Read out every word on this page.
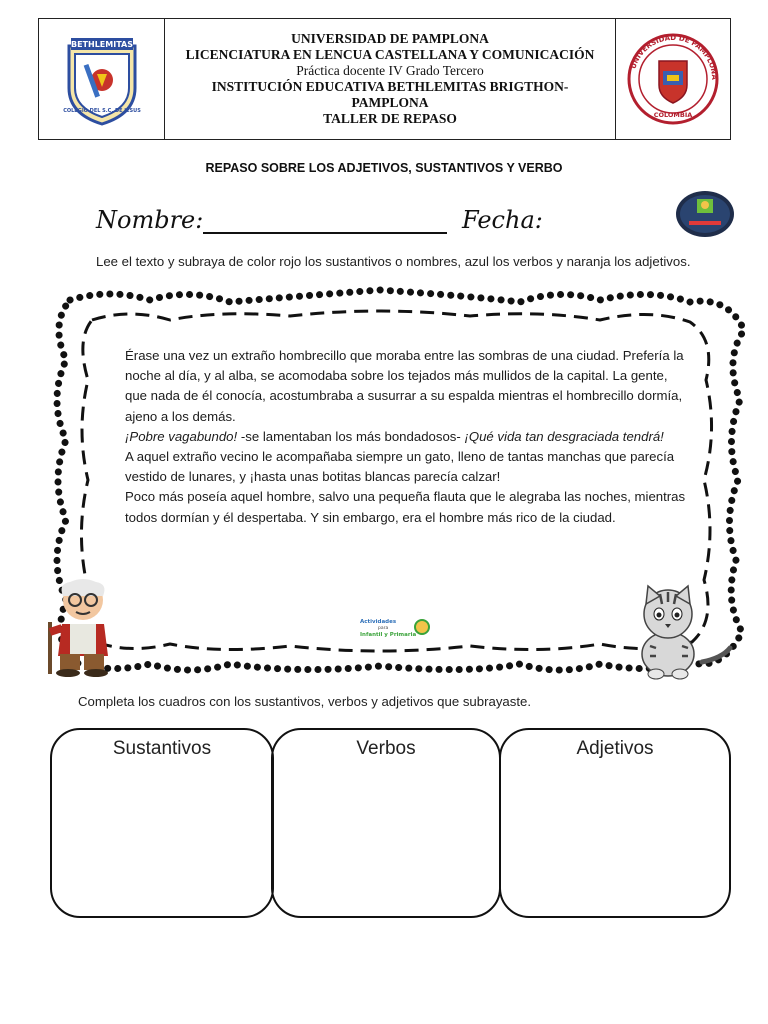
BETHLEMITAS
COLEGIO DEL S.C. DE JESUS
UNIVERSIDAD DE PAMPLONA
LICENCIATURA EN LENCUA CASTELLANA Y COMUNICACIÓN
Práctica docente IV Grado Tercero
INSTITUCIÓN EDUCATIVA BETHLEMITAS BRIGTHON-
PAMPLONA
TALLER DE REPASO
UNIVERSIDAD DE PAMPLONA
COLOMBIA
REPASO SOBRE LOS ADJETIVOS, SUSTANTIVOS Y VERBO
Nombre:	Fecha:
Lee el texto y subraya de color rojo los sustantivos o nombres, azul los verbos y naranja los adjetivos.
Érase una vez un extraño hombrecillo que moraba entre las sombras de una ciudad. Prefería la noche al día, y al alba, se acomodaba sobre los tejados más mullidos de la capital. La gente, que nada de él conocía, acostumbraba a susurrar a su espalda mientras el hombrecillo dormía, ajeno a los demás.
¡Pobre vagabundo! -se lamentaban los más bondadosos- ¡Qué vida tan desgraciada tendrá!
A aquel extraño vecino le acompañaba siempre un gato, lleno de tantas manchas que parecía vestido de lunares, y ¡hasta unas botitas blancas parecía calzar!
Poco más poseía aquel hombre, salvo una pequeña flauta que le alegraba las noches, mientras todos dormían y él despertaba. Y sin embargo, era el hombre más rico de la ciudad.
Actividades
para
Infantil y Primaria
Completa los cuadros con los sustantivos, verbos y adjetivos que subrayaste.
Sustantivos	Verbos	Adjetivos
